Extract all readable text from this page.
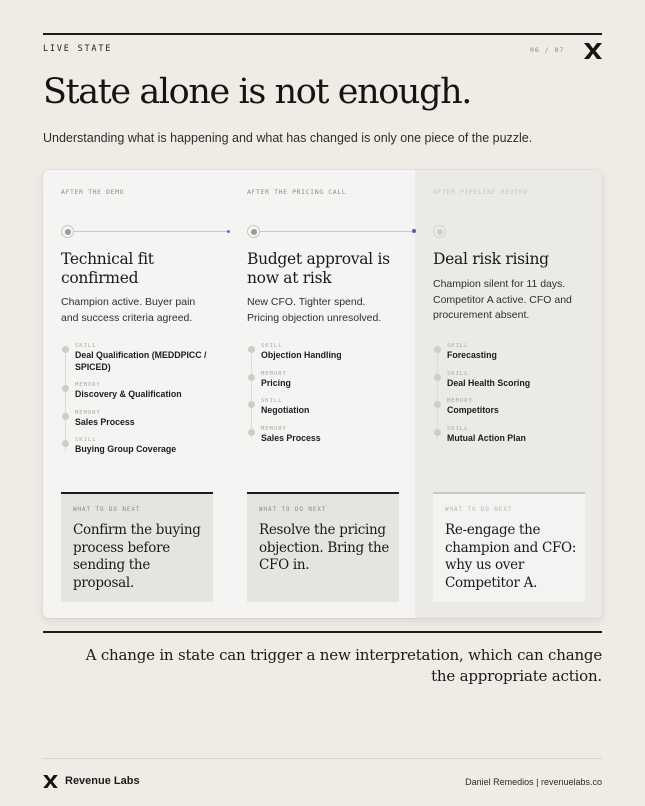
LIVE STATE	06 / 07
State alone is not enough.
Understanding what is happening and what has changed is only one piece of the puzzle.
AFTER THE DEMO
Technical fit confirmed
Champion active. Buyer pain and success criteria agreed.
SKILL
Deal Qualification (MEDDPICC / SPICED)
MEMORY
Discovery & Qualification
MEMORY
Sales Process
SKILL
Buying Group Coverage
WHAT TO DO NEXT
Confirm the buying process before sending the proposal.
AFTER THE PRICING CALL
Budget approval is now at risk
New CFO. Tighter spend. Pricing objection unresolved.
SKILL
Objection Handling
MEMORY
Pricing
SKILL
Negotiation
MEMORY
Sales Process
WHAT TO DO NEXT
Resolve the pricing objection. Bring the CFO in.
AFTER PIPELINE REVIEW
Deal risk rising
Champion silent for 11 days. Competitor A active. CFO and procurement absent.
SKILL
Forecasting
SKILL
Deal Health Scoring
MEMORY
Competitors
SKILL
Mutual Action Plan
WHAT TO DO NEXT
Re-engage the champion and CFO: why us over Competitor A.
A change in state can trigger a new interpretation, which can change the appropriate action.
Revenue Labs	Daniel Remedios | revenuelabs.co
